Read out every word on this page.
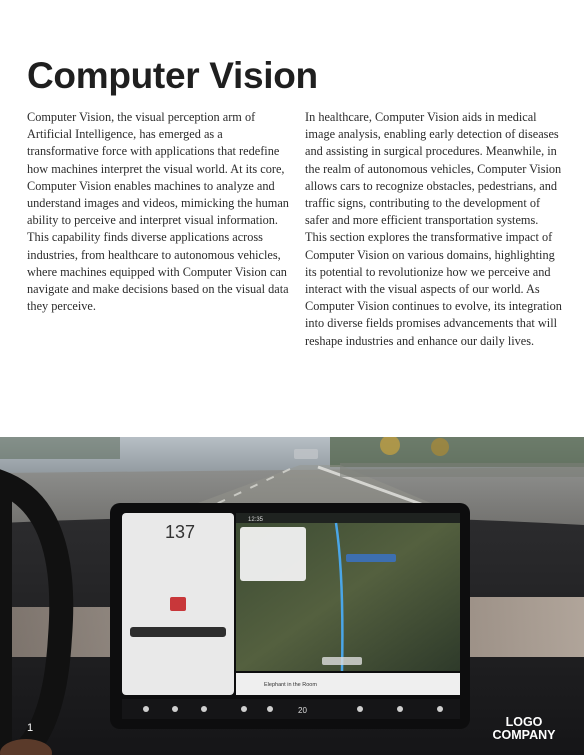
Computer Vision

Computer Vision, the visual perception arm of Artificial Intelligence, has emerged as a transformative force with applications that redefine how machines interpret the visual world. At its core, Computer Vision enables machines to analyze and understand images and videos, mimicking the human ability to perceive and interpret visual information. This capability finds diverse applications across industries, from healthcare to autonomous vehicles, where machines equipped with Computer Vision can navigate and make decisions based on the visual data they perceive.

In healthcare, Computer Vision aids in medical image analysis, enabling early detection of diseases and assisting in surgical procedures. Meanwhile, in the realm of autonomous vehicles, Computer Vision allows cars to recognize obstacles, pedestrians, and traffic signs, contributing to the development of safer and more efficient transportation systems. This section explores the transformative impact of Computer Vision on various domains, highlighting its potential to revolutionize how we perceive and interact with the visual aspects of our world. As Computer Vision continues to evolve, its integration into diverse fields promises advancements that will reshape industries and enhance our daily lives.

137
12:35
Elephant in the Room
20
1	LOGO
COMPANY
